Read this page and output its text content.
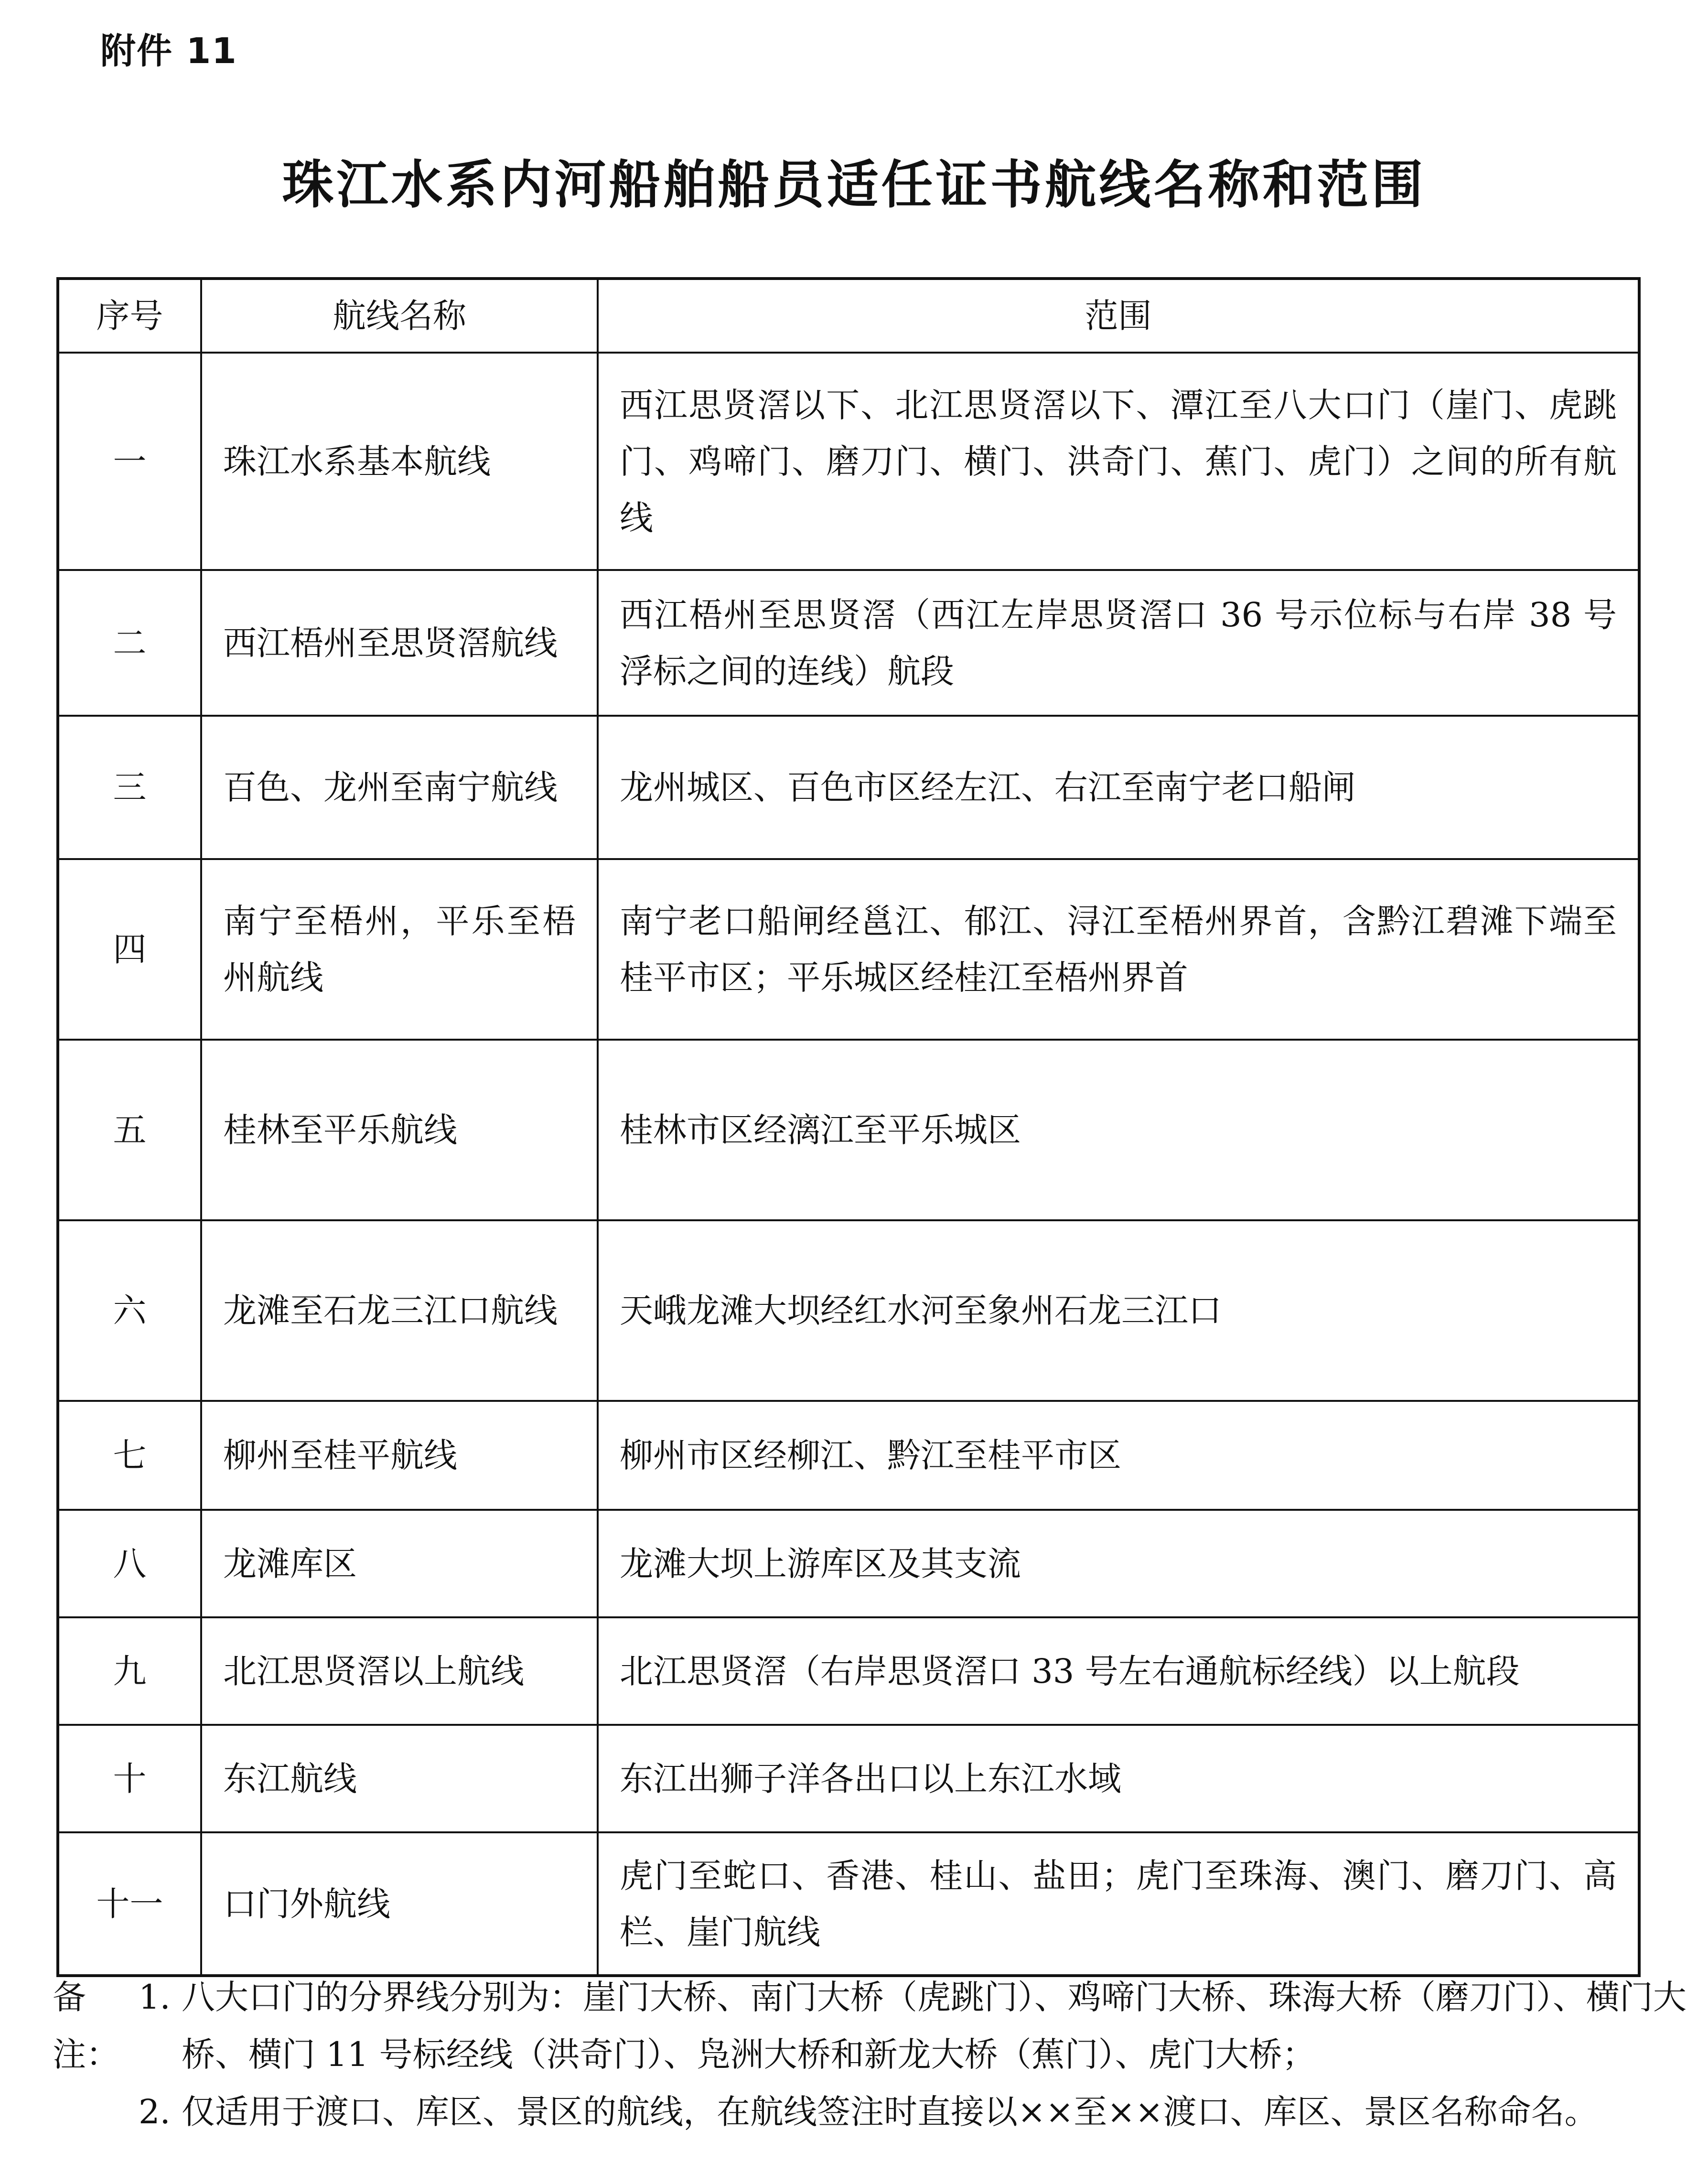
附件 11
珠江水系内河船舶船员适任证书航线名称和范围
序号	航线名称	范围
一	珠江水系基本航线	西江思贤滘以下、北江思贤滘以下、潭江至八大口门（崖门、虎跳门、鸡啼门、磨刀门、横门、洪奇门、蕉门、虎门）之间的所有航线
二	西江梧州至思贤滘航线	西江梧州至思贤滘（西江左岸思贤滘口 36 号示位标与右岸 38 号浮标之间的连线）航段
三	百色、龙州至南宁航线	龙州城区、百色市区经左江、右江至南宁老口船闸
四	南宁至梧州，平乐至梧州航线	南宁老口船闸经邕江、郁江、浔江至梧州界首，含黔江碧滩下端至桂平市区；平乐城区经桂江至梧州界首
五	桂林至平乐航线	桂林市区经漓江至平乐城区
六	龙滩至石龙三江口航线	天峨龙滩大坝经红水河至象州石龙三江口
七	柳州至桂平航线	柳州市区经柳江、黔江至桂平市区
八	龙滩库区	龙滩大坝上游库区及其支流
九	北江思贤滘以上航线	北江思贤滘（右岸思贤滘口 33 号左右通航标经线）以上航段
十	东江航线	东江出狮子洋各出口以上东江水域
十一	口门外航线	虎门至蛇口、香港、桂山、盐田；虎门至珠海、澳门、磨刀门、高栏、崖门航线
备注：
1. 八大口门的分界线分别为：崖门大桥、南门大桥（虎跳门）、鸡啼门大桥、珠海大桥（磨刀门）、横门大桥、横门 11 号标经线（洪奇门）、凫洲大桥和新龙大桥（蕉门）、虎门大桥；
2. 仅适用于渡口、库区、景区的航线，在航线签注时直接以××至××渡口、库区、景区名称命名。
